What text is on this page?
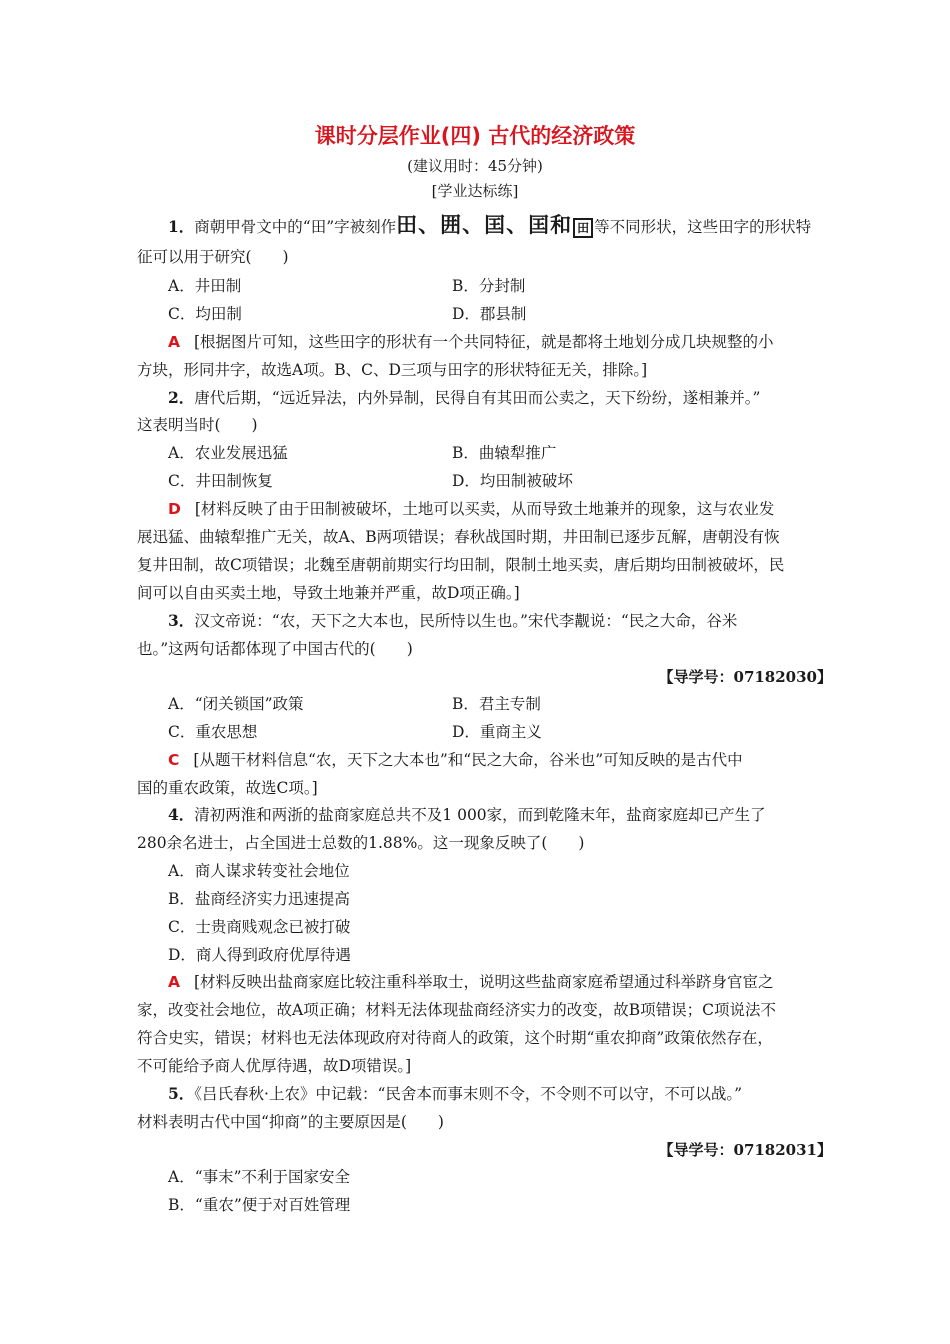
课时分层作业(四) 古代的经济政策
(建议用时：45分钟)
[学业达标练]
1．商朝甲骨文中的“田”字被刻作田、囲、囯、囯和 田 等不同形状，这些田字的形状特
征可以用于研究(　　)
A．井田制	B．分封制
C．均田制	D．郡县制
A [根据图片可知，这些田字的形状有一个共同特征，就是都将土地划分成几块规整的小
方块，形同井字，故选A项。B、C、D三项与田字的形状特征无关，排除。]
2．唐代后期，“远近异法，内外异制，民得自有其田而公卖之，天下纷纷，遂相兼并。”
这表明当时(　　)
A．农业发展迅猛	B．曲辕犁推广
C．井田制恢复	D．均田制被破坏
D [材料反映了由于田制被破坏，土地可以买卖，从而导致土地兼并的现象，这与农业发
展迅猛、曲辕犁推广无关，故A、B两项错误；春秋战国时期，井田制已逐步瓦解，唐朝没有恢
复井田制，故C项错误；北魏至唐朝前期实行均田制，限制土地买卖，唐后期均田制被破坏，民
间可以自由买卖土地，导致土地兼并严重，故D项正确。]
3．汉文帝说：“农，天下之大本也，民所恃以生也。”宋代李觏说：“民之大命，谷米
也。”这两句话都体现了中国古代的(　　)
【导学号：07182030】
A．“闭关锁国”政策	B．君主专制
C．重农思想	D．重商主义
C [从题干材料信息“农，天下之大本也”和“民之大命，谷米也”可知反映的是古代中
国的重农政策，故选C项。]
4．清初两淮和两浙的盐商家庭总共不及1 000家，而到乾隆末年，盐商家庭却已产生了
280余名进士，占全国进士总数的1.88%。这一现象反映了(　　)
A．商人谋求转变社会地位
B．盐商经济实力迅速提高
C．士贵商贱观念已被打破
D．商人得到政府优厚待遇
A [材料反映出盐商家庭比较注重科举取士，说明这些盐商家庭希望通过科举跻身官宦之
家，改变社会地位，故A项正确；材料无法体现盐商经济实力的改变，故B项错误；C项说法不
符合史实，错误；材料也无法体现政府对待商人的政策，这个时期“重农抑商”政策依然存在，
不可能给予商人优厚待遇，故D项错误。]
5．《吕氏春秋·上农》中记载：“民舍本而事末则不令，不令则不可以守，不可以战。”
材料表明古代中国“抑商”的主要原因是(　　)
【导学号：07182031】
A．“事末”不利于国家安全
B．“重农”便于对百姓管理
